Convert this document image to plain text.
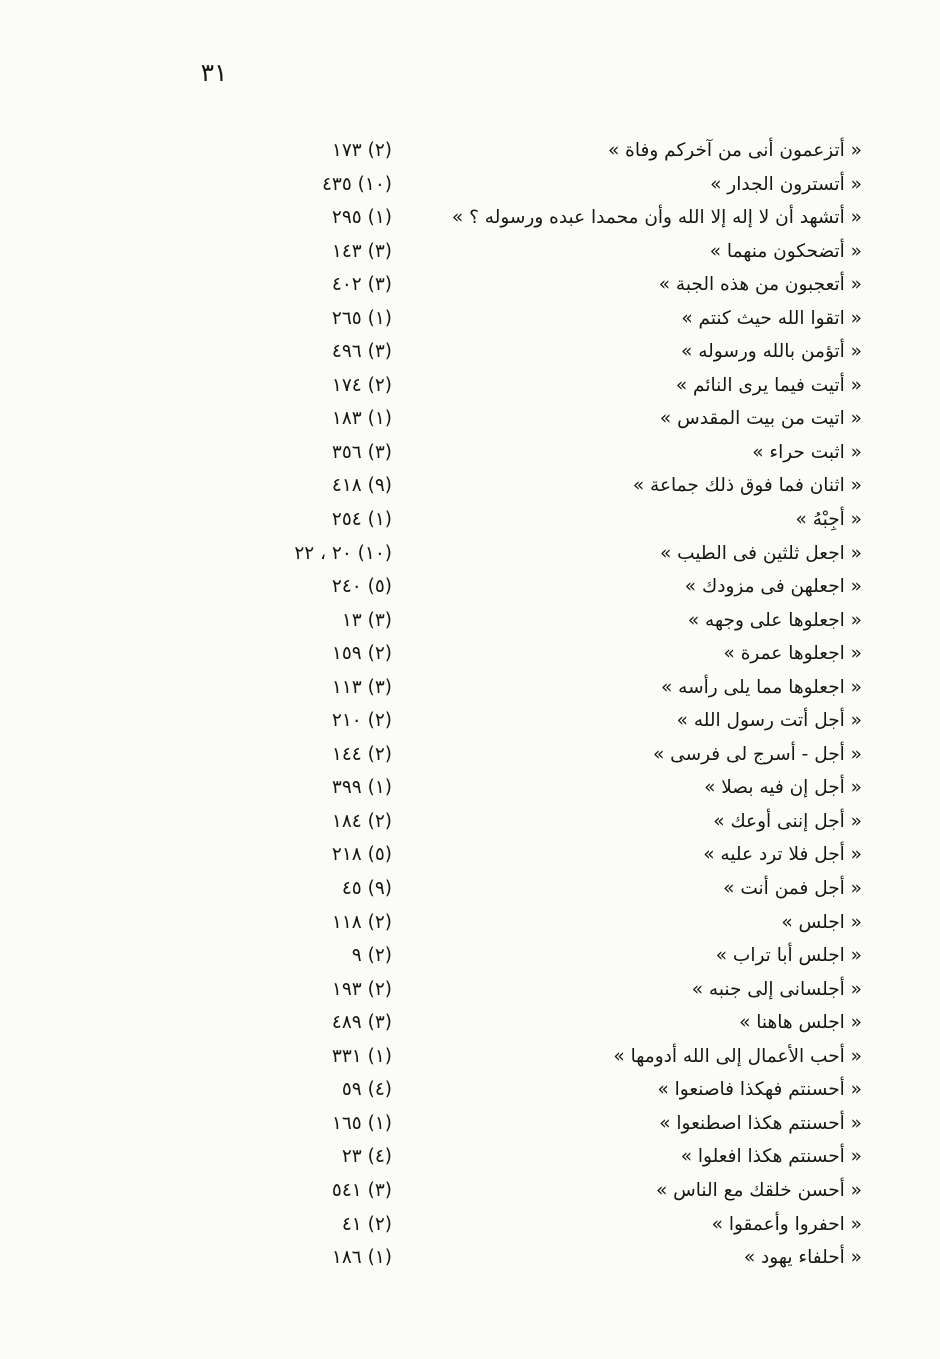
٣١
« أتزعمون أنى من آخركم وفاة »
(٢) ١٧٣
« أتسترون الجدار »
(١٠) ٤٣٥
« أتشهد أن لا إله إلا الله وأن محمدا عبده ورسوله ؟ »
(١) ٢٩٥
« أتضحكون منهما »
(٣) ١٤٣
« أتعجبون من هذه الجبة »
(٣) ٤٠٢
« اتقوا الله حيث كنتم »
(١) ٢٦٥
« أتؤمن بالله ورسوله »
(٣) ٤٩٦
« أتيت فيما يرى النائم »
(٢) ١٧٤
« اتيت من بيت المقدس »
(١) ١٨٣
« اثبت حراء »
(٣) ٣٥٦
« اثنان فما فوق ذلك جماعة »
(٩) ٤١٨
« أجِبْهُ »
(١) ٢٥٤
« اجعل ثلثين فى الطيب »
(١٠) ٢٠ ، ٢٢
« اجعلهن فى مزودك »
(٥) ٢٤٠
« اجعلوها على وجهه »
(٣) ١٣
« اجعلوها عمرة »
(٢) ١٥٩
« اجعلوها مما يلى رأسه »
(٣) ١١٣
« أجل أتت رسول الله »
(٢) ٢١٠
« أجل - أسرج لى فرسى »
(٢) ١٤٤
« أجل إن فيه بصلا »
(١) ٣٩٩
« أجل إننى أوعك »
(٢) ١٨٤
« أجل فلا ترد عليه »
(٥) ٢١٨
« أجل فمن أنت »
(٩) ٤٥
« اجلس »
(٢) ١١٨
« اجلس أبا تراب »
(٢) ٩
« أجلسانى إلى جنبه »
(٢) ١٩٣
« اجلس هاهنا »
(٣) ٤٨٩
« أحب الأعمال إلى الله أدومها »
(١) ٣٣١
« أحسنتم فهكذا فاصنعوا »
(٤) ٥٩
« أحسنتم هكذا اصطنعوا »
(١) ١٦٥
« أحسنتم هكذا افعلوا »
(٤) ٢٣
« أحسن خلقك مع الناس »
(٣) ٥٤١
« احفروا وأعمقوا »
(٢) ٤١
« أحلفاء يهود »
(١) ١٨٦
